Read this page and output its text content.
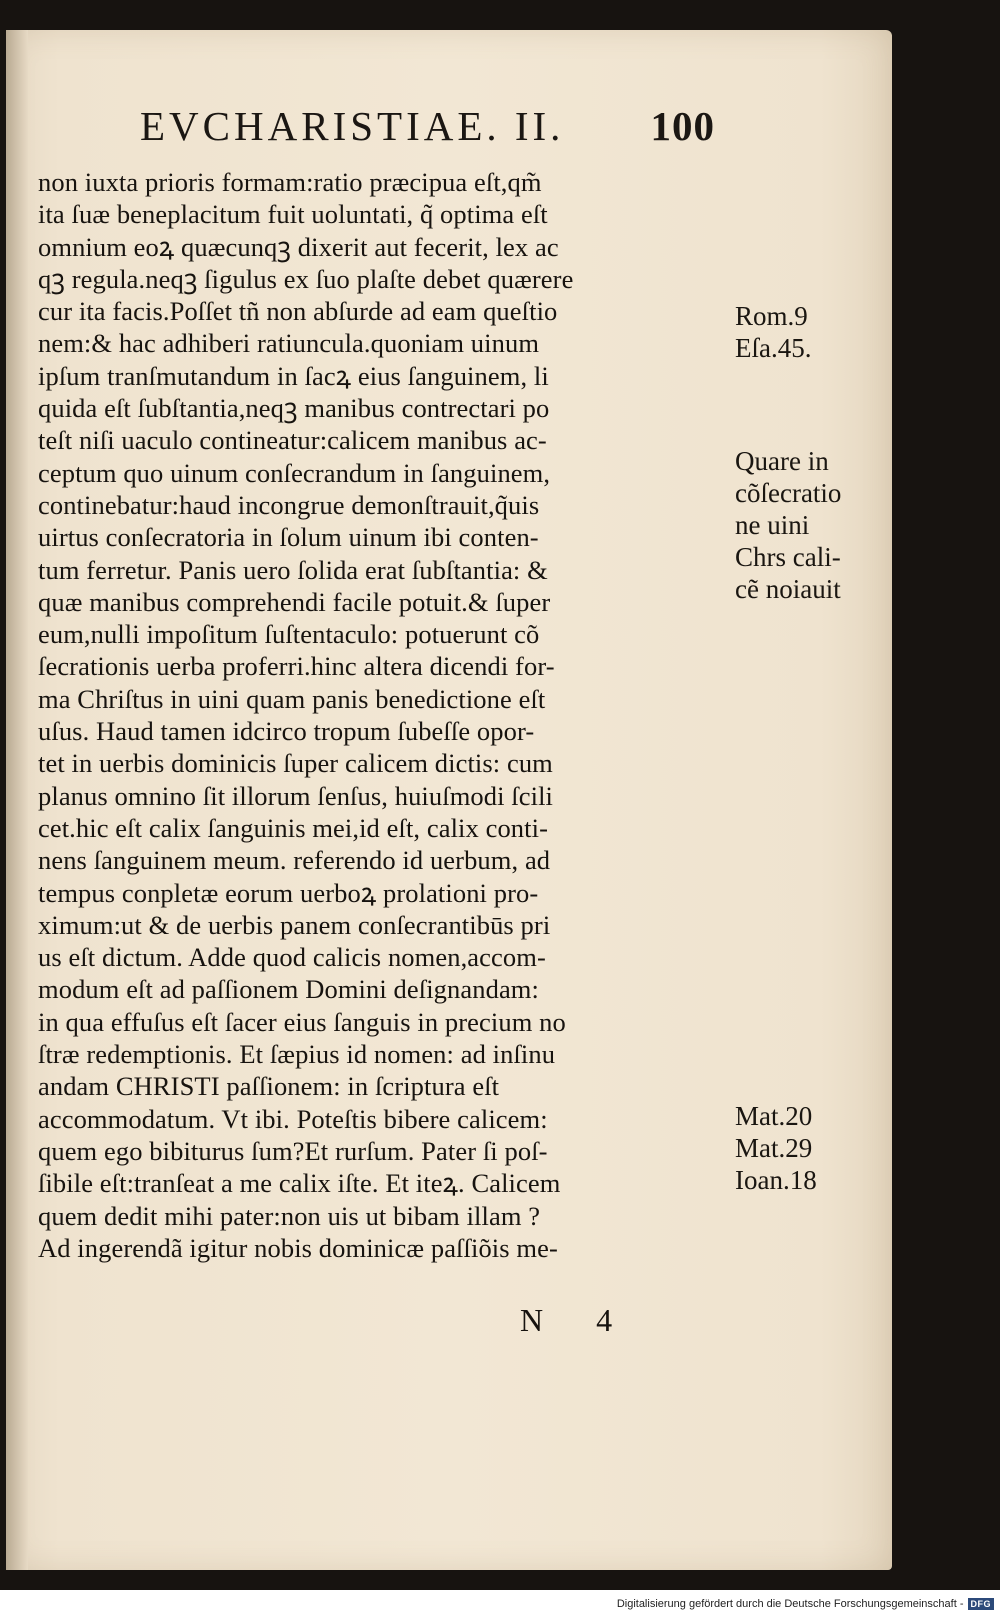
EVCHARISTIAE. II. 100
non iuxta prioris formam:ratio præcipua eſt,qm̃
ita ſuæ beneplacitum fuit uoluntati, q̃ optima eſt
omnium eoꝝ quæcunqꝫ dixerit aut fecerit, lex ac
qꝫ regula.neqꝫ ſigulus ex ſuo plaſte debet quærere
cur ita facis.Poſſet tñ non abſurde ad eam queſtio
nem:& hac adhiberi ratiuncula.quoniam uinum
ipſum tranſmutandum in ſacꝝ eius ſanguinem, li
quida eſt ſubſtantia,neqꝫ manibus contrectari po
teſt niſi uaculo contineatur:calicem manibus ac-
ceptum quo uinum conſecrandum in ſanguinem,
continebatur:haud incongrue demonſtrauit,q̃uis
uirtus conſecratoria in ſolum uinum ibi conten-
tum ferretur. Panis uero ſolida erat ſubſtantia: &
quæ manibus comprehendi facile potuit.& ſuper
eum,nulli impoſitum ſuſtentaculo: potuerunt cõ
ſecrationis uerba proferri.hinc altera dicendi for-
ma Chriſtus in uini quam panis benedictione eſt
uſus. Haud tamen idcirco tropum ſubeſſe opor-
tet in uerbis dominicis ſuper calicem dictis: cum
planus omnino ſit illorum ſenſus, huiuſmodi ſcili
cet.hic eſt calix ſanguinis mei,id eſt, calix conti-
nens ſanguinem meum. referendo id uerbum, ad
tempus conpletæ eorum uerboꝝ prolationi pro-
ximum:ut & de uerbis panem conſecrantibūs pri
us eſt dictum. Adde quod calicis nomen,accom-
modum eſt ad paſſionem Domini deſignandam:
in qua effuſus eſt ſacer eius ſanguis in precium no
ſtræ redemptionis. Et ſæpius id nomen: ad inſinu
andam CHRISTI paſſionem: in ſcriptura eſt
accommodatum. Vt ibi. Poteſtis bibere calicem:
quem ego bibiturus ſum?Et rurſum. Pater ſi poſ-
ſibile eſt:tranſeat a me calix iſte. Et iteꝝ. Calicem
quem dedit mihi pater:non uis ut bibam illam ?
Ad ingerendã igitur nobis dominicæ paſſiõis me-
Rom.9
Eſa.45.
Quare in
cõſecratio
ne uini
Chrs cali-
cẽ noiauit
Mat.20
Mat.29
Ioan.18
N 4
Digitalisierung gefördert durch die Deutsche Forschungsgemeinschaft - DFG
